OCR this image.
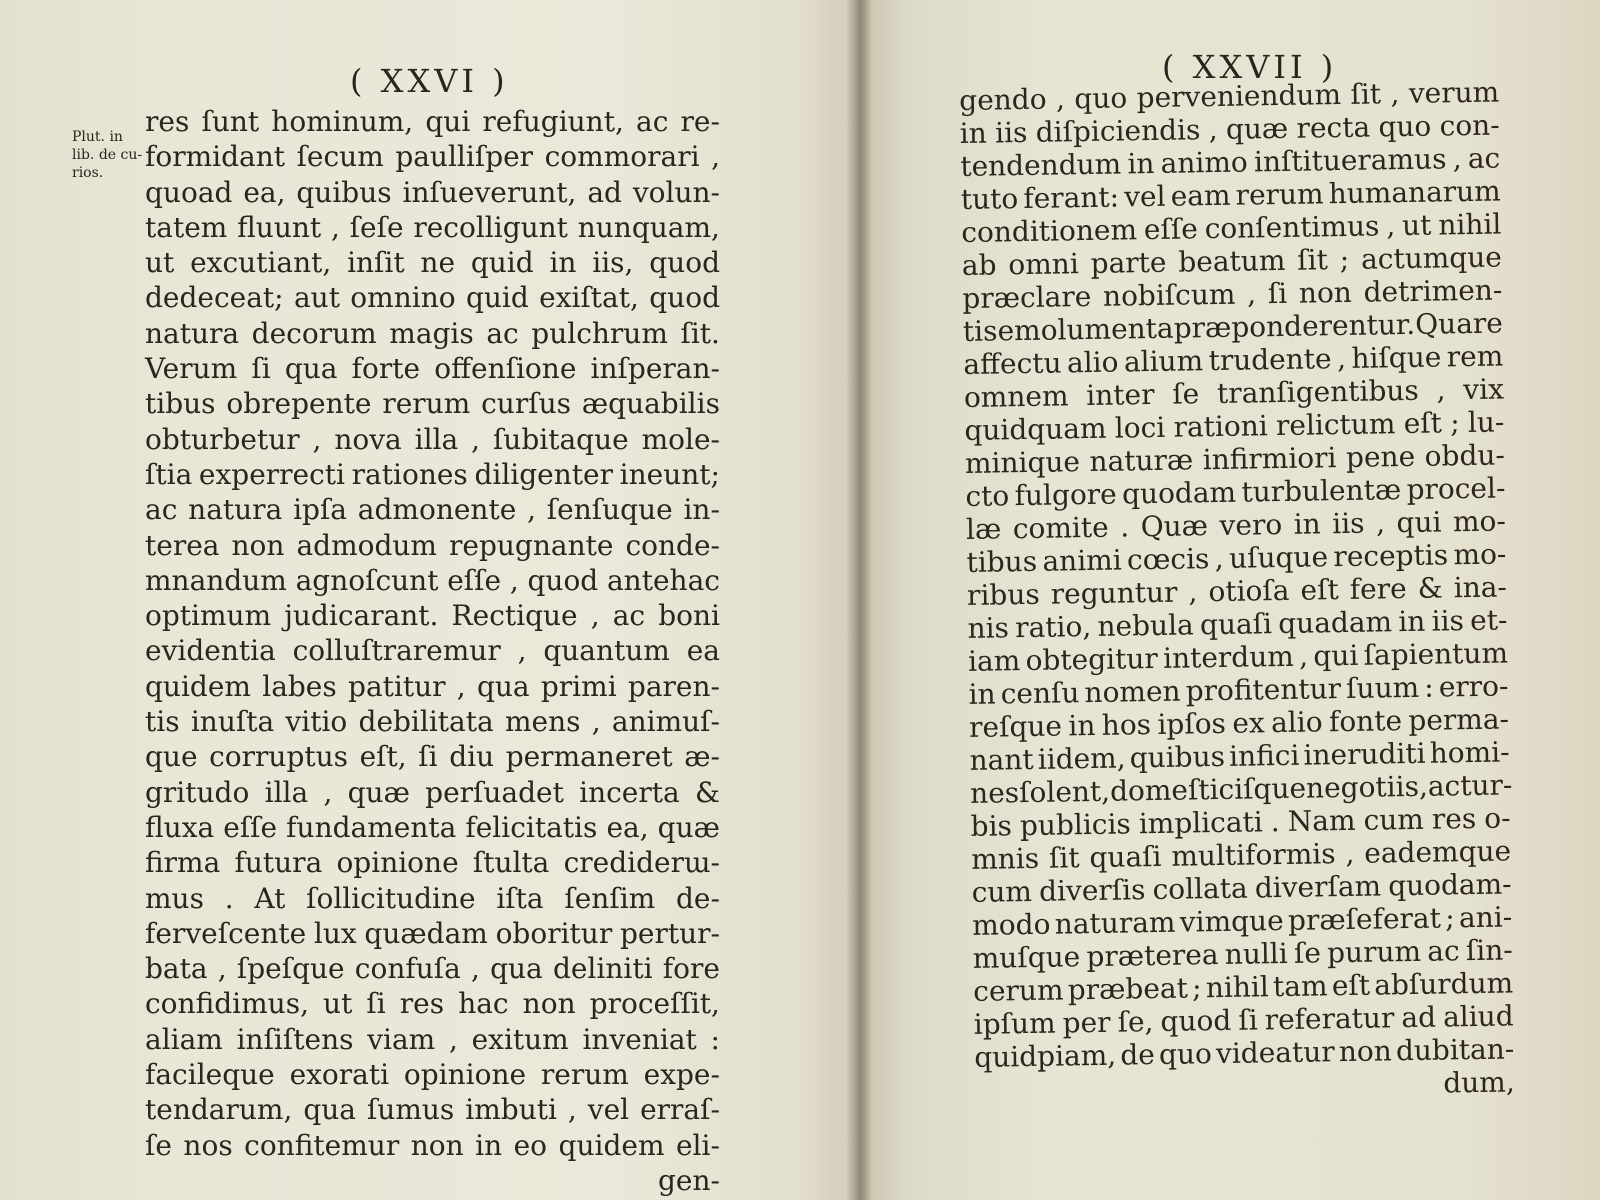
( XXVI )
Plut. in
lib. de cu-
rios.
res ſunt hominum, qui refugiunt, ac re-
formidant ſecum paulliſper commorari ,
quoad ea, quibus inſueverunt, ad volun-
tatem fluunt , ſeſe recolligunt nunquam,
ut excutiant, inſit ne quid in iis, quod
dedeceat; aut omnino quid exiſtat, quod
natura decorum magis ac pulchrum ſit.
Verum ſi qua forte offenſione inſperan-
tibus obrepente rerum curſus æquabilis
obturbetur , nova illa , ſubitaque mole-
ſtia experrecti rationes diligenter ineunt;
ac natura ipſa admonente , ſenſuque in-
terea non admodum repugnante conde-
mnandum agnoſcunt eſſe , quod antehac
optimum judicarant. Rectique , ac boni
evidentia colluſtraremur , quantum ea
quidem labes patitur , qua primi paren-
tis inuſta vitio debilitata mens , animuſ-
que corruptus eſt, ſi diu permaneret æ-
gritudo illa , quæ perſuadet incerta &
fluxa eſſe fundamenta felicitatis ea, quæ
firma futura opinione ſtulta crediderա-
mus . At ſollicitudine iſta ſenſim de-
ferveſcente lux quædam oboritur pertur-
bata , ſpeſque confuſa , qua deliniti fore
confidimus, ut ſi res hac non proceſſit,
aliam inſiſtens viam , exitum inveniat :
facileque exorati opinione rerum expe-
tendarum, qua ſumus imbuti , vel erraſ-
ſe nos confitemur non in eo quidem eli-
gen-
( XXVII )
gendo , quo perveniendum ſit , verum
in iis diſpiciendis , quæ recta quo con-
tendendum in animo inſtitueramus , ac
tuto ferant: vel eam rerum humanarum
conditionem eſſe conſentimus , ut nihil
ab omni parte beatum ſit ; actumque
præclare nobiſcum , ſi non detrimen-
tis emolumenta præponderentur. Quare
affectu alio alium trudente , hiſque rem
omnem inter ſe tranſigentibus , vix
quidquam loci rationi relictum eſt ; lu-
minique naturæ infirmiori pene obdu-
cto fulgore quodam turbulentæ procel-
læ comite . Quæ vero in iis , qui mo-
tibus animi cœcis , uſuque receptis mo-
ribus reguntur , otioſa eſt fere & ina-
nis ratio, nebula quaſi quadam in iis et-
iam obtegitur interdum , qui ſapientum
in cenſu nomen profitentur ſuum : erro-
reſque in hos ipſos ex alio fonte perma-
nant iidem, quibus infici ineruditi homi-
nes ſolent, domeſticiſque negotiis, ac tur-
bis publicis implicati . Nam cum res o-
mnis ſit quaſi multiformis , eademque
cum diverſis collata diverſam quodam-
modo naturam vimque præſeferat ; ani-
muſque præterea nulli ſe purum ac ſin-
cerum præbeat ; nihil tam eſt abſurdum
ipſum per ſe, quod ſi referatur ad aliud
quidpiam, de quo videatur non dubitan-
dum,
